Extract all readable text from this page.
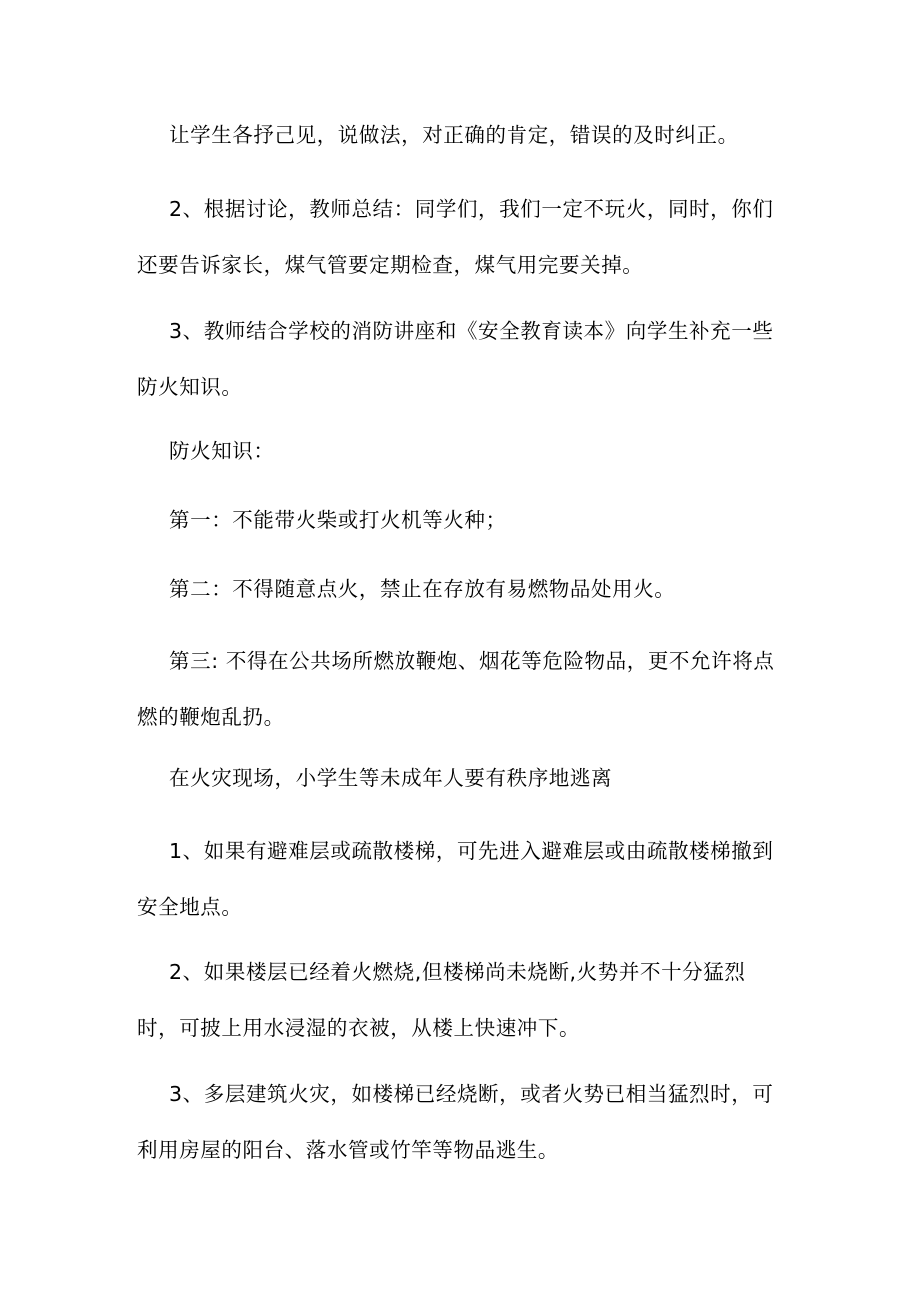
让学生各抒己见，说做法，对正确的肯定，错误的及时纠正。

2、根据讨论，教师总结：同学们，我们一定不玩火，同时，你们还要告诉家长，煤气管要定期检查，煤气用完要关掉。

3、教师结合学校的消防讲座和《安全教育读本》向学生补充一些防火知识。

防火知识：

第一：不能带火柴或打火机等火种；

第二：不得随意点火，禁止在存放有易燃物品处用火。

第三: 不得在公共场所燃放鞭炮、烟花等危险物品，更不允许将点燃的鞭炮乱扔。

在火灾现场，小学生等未成年人要有秩序地逃离

1、如果有避难层或疏散楼梯，可先进入避难层或由疏散楼梯撤到安全地点。

2、如果楼层已经着火燃烧,但楼梯尚未烧断,火势并不十分猛烈时，可披上用水浸湿的衣被，从楼上快速冲下。

3、多层建筑火灾，如楼梯已经烧断，或者火势已相当猛烈时，可利用房屋的阳台、落水管或竹竿等物品逃生。
